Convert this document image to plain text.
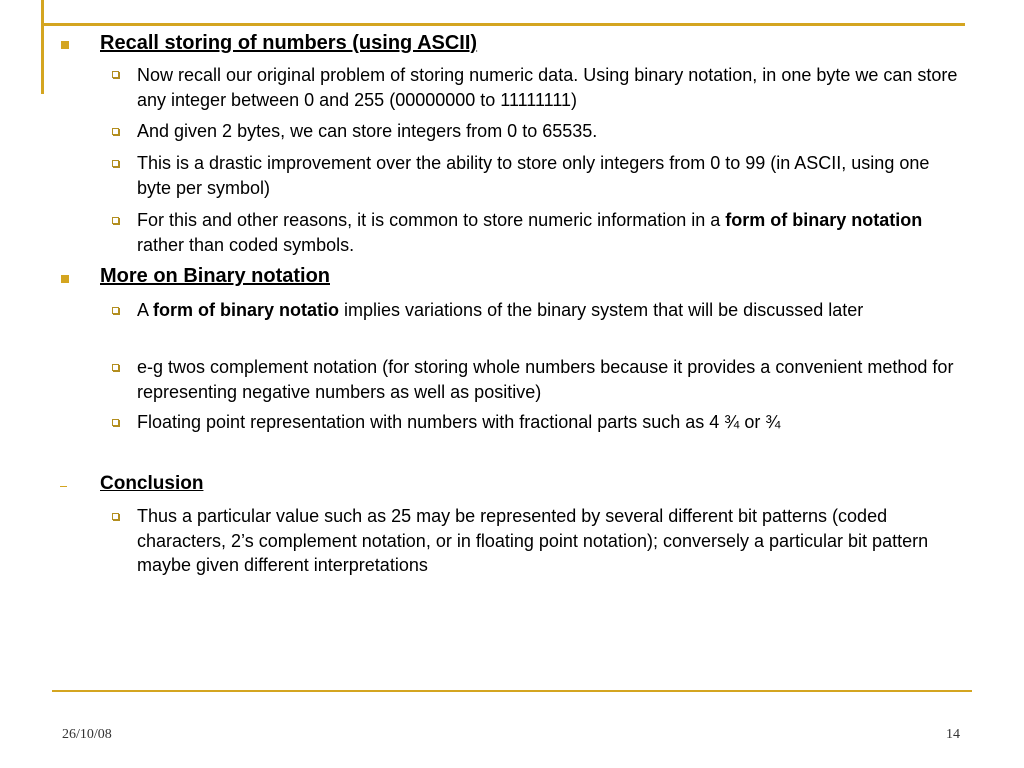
Recall storing of numbers (using ASCII)
Now recall our original problem of storing numeric data. Using binary notation, in one byte we can store any integer between 0 and 255 (00000000 to 11111111)
And given 2 bytes, we can store integers from 0 to 65535.
This is a drastic improvement over the ability to store only integers from 0 to 99 (in ASCII, using one byte per symbol)
For this and other reasons, it is common to store numeric information in a form of binary notation rather than coded symbols.
More on Binary notation
A form of binary notatio implies variations of the binary system that will be discussed later
e-g twos complement notation (for storing whole numbers because it provides a convenient method for representing negative numbers as well as positive)
Floating point representation with numbers with fractional parts such as 4 ¾ or ¾
Conclusion
Thus a particular value such as 25 may be represented by several different bit patterns (coded characters, 2’s complement notation, or in floating point notation); conversely a particular bit pattern maybe given different interpretations
26/10/08	14
